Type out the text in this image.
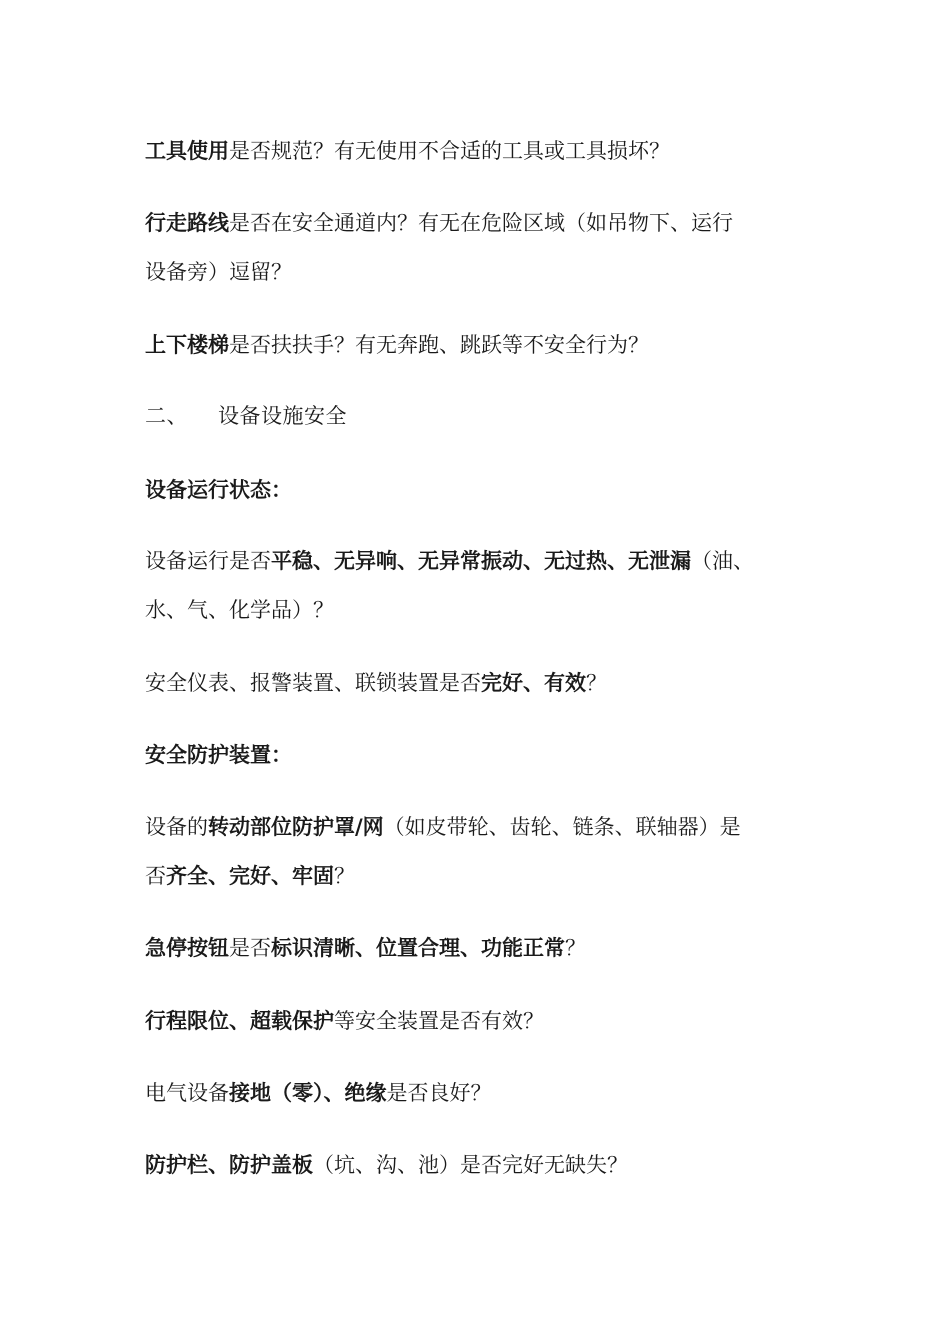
工具使用是否规范？有无使用不合适的工具或工具损坏？
行走路线是否在安全通道内？有无在危险区域（如吊物下、运行
设备旁）逗留？
上下楼梯是否扶扶手？有无奔跑、跳跃等不安全行为？
二、 设备设施安全
设备运行状态：
设备运行是否平稳、无异响、无异常振动、无过热、无泄漏（油、
水、气、化学品）？
安全仪表、报警装置、联锁装置是否完好、有效？
安全防护装置：
设备的转动部位防护罩/网（如皮带轮、齿轮、链条、联轴器）是
否齐全、完好、牢固？
急停按钮是否标识清晰、位置合理、功能正常？
行程限位、超载保护等安全装置是否有效？
电气设备接地（零）、绝缘是否良好？
防护栏、防护盖板（坑、沟、池）是否完好无缺失？
